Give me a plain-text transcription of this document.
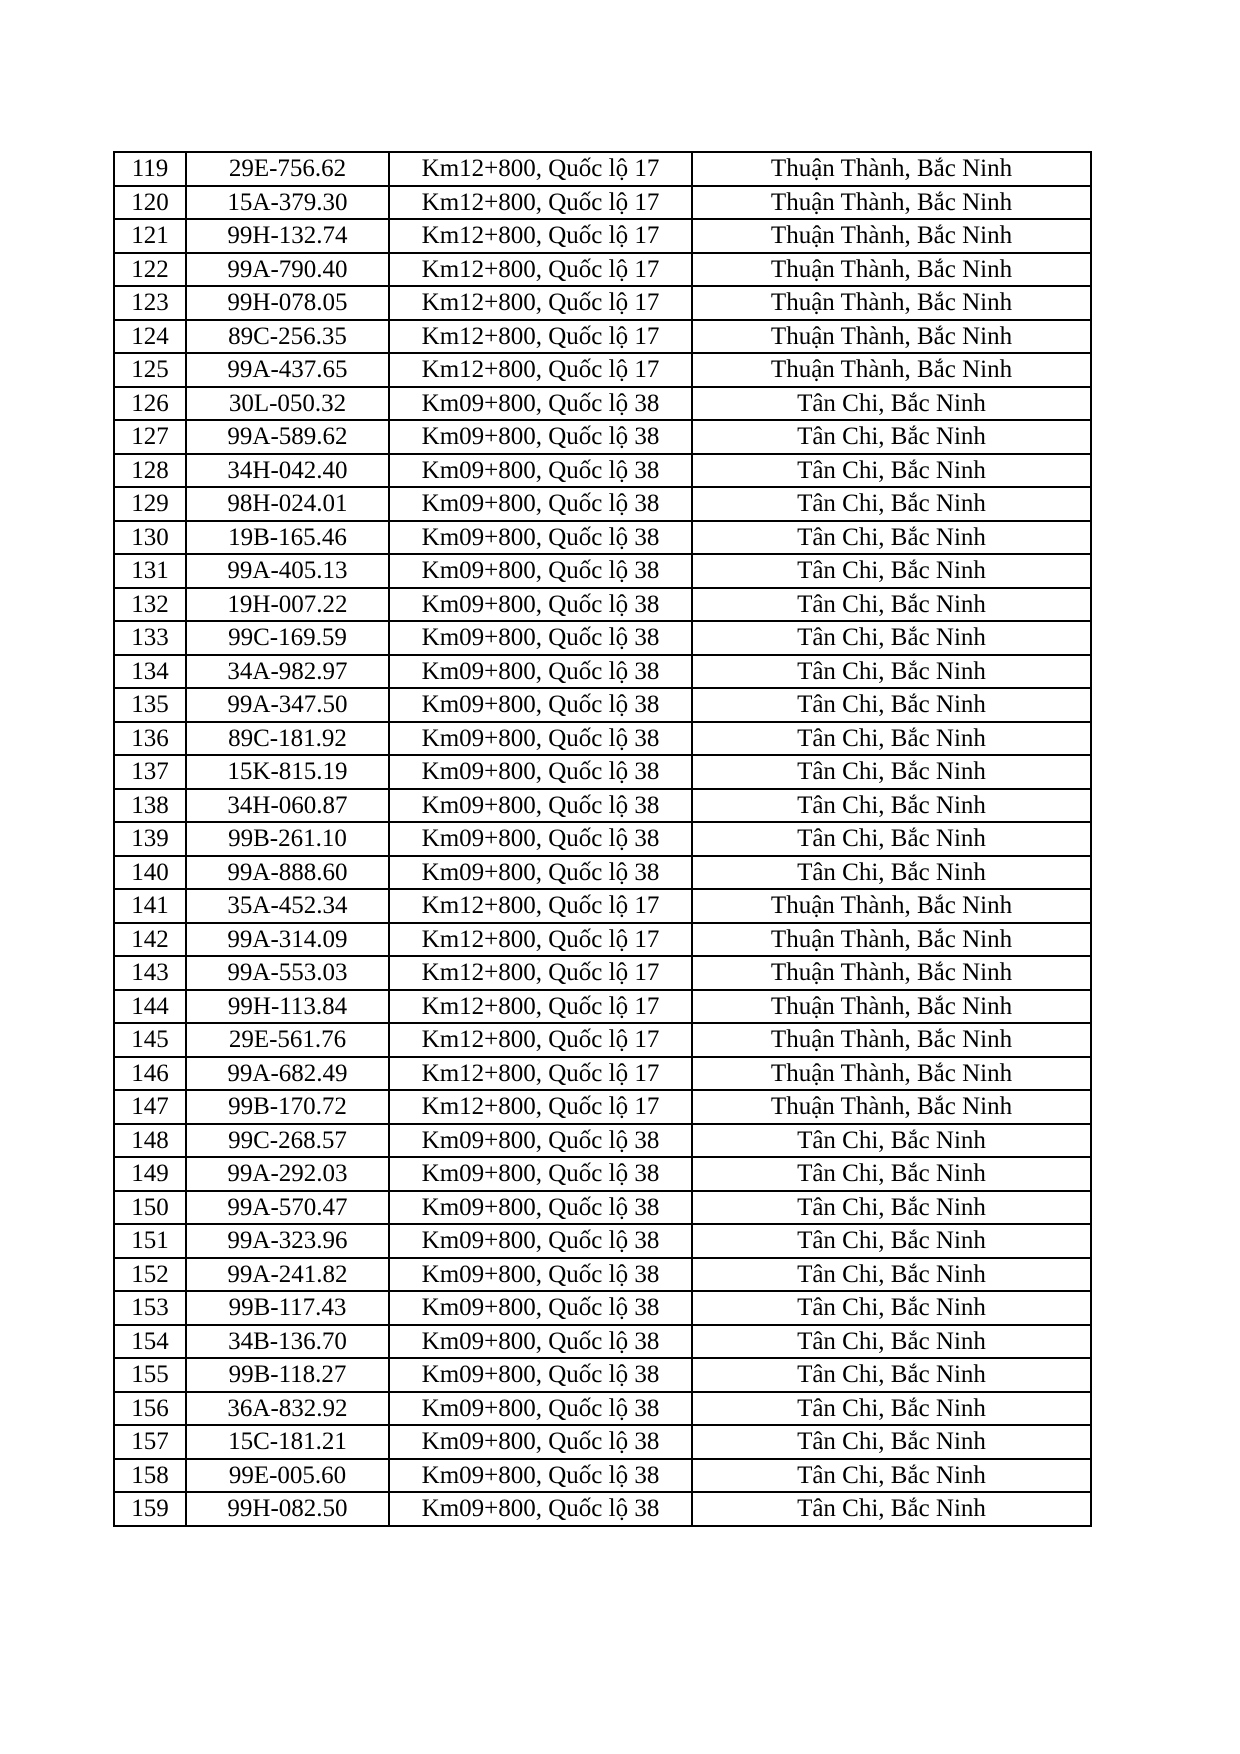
119	29E-756.62	Km12+800, Quốc lộ 17	Thuận Thành, Bắc Ninh
120	15A-379.30	Km12+800, Quốc lộ 17	Thuận Thành, Bắc Ninh
121	99H-132.74	Km12+800, Quốc lộ 17	Thuận Thành, Bắc Ninh
122	99A-790.40	Km12+800, Quốc lộ 17	Thuận Thành, Bắc Ninh
123	99H-078.05	Km12+800, Quốc lộ 17	Thuận Thành, Bắc Ninh
124	89C-256.35	Km12+800, Quốc lộ 17	Thuận Thành, Bắc Ninh
125	99A-437.65	Km12+800, Quốc lộ 17	Thuận Thành, Bắc Ninh
126	30L-050.32	Km09+800, Quốc lộ 38	Tân Chi, Bắc Ninh
127	99A-589.62	Km09+800, Quốc lộ 38	Tân Chi, Bắc Ninh
128	34H-042.40	Km09+800, Quốc lộ 38	Tân Chi, Bắc Ninh
129	98H-024.01	Km09+800, Quốc lộ 38	Tân Chi, Bắc Ninh
130	19B-165.46	Km09+800, Quốc lộ 38	Tân Chi, Bắc Ninh
131	99A-405.13	Km09+800, Quốc lộ 38	Tân Chi, Bắc Ninh
132	19H-007.22	Km09+800, Quốc lộ 38	Tân Chi, Bắc Ninh
133	99C-169.59	Km09+800, Quốc lộ 38	Tân Chi, Bắc Ninh
134	34A-982.97	Km09+800, Quốc lộ 38	Tân Chi, Bắc Ninh
135	99A-347.50	Km09+800, Quốc lộ 38	Tân Chi, Bắc Ninh
136	89C-181.92	Km09+800, Quốc lộ 38	Tân Chi, Bắc Ninh
137	15K-815.19	Km09+800, Quốc lộ 38	Tân Chi, Bắc Ninh
138	34H-060.87	Km09+800, Quốc lộ 38	Tân Chi, Bắc Ninh
139	99B-261.10	Km09+800, Quốc lộ 38	Tân Chi, Bắc Ninh
140	99A-888.60	Km09+800, Quốc lộ 38	Tân Chi, Bắc Ninh
141	35A-452.34	Km12+800, Quốc lộ 17	Thuận Thành, Bắc Ninh
142	99A-314.09	Km12+800, Quốc lộ 17	Thuận Thành, Bắc Ninh
143	99A-553.03	Km12+800, Quốc lộ 17	Thuận Thành, Bắc Ninh
144	99H-113.84	Km12+800, Quốc lộ 17	Thuận Thành, Bắc Ninh
145	29E-561.76	Km12+800, Quốc lộ 17	Thuận Thành, Bắc Ninh
146	99A-682.49	Km12+800, Quốc lộ 17	Thuận Thành, Bắc Ninh
147	99B-170.72	Km12+800, Quốc lộ 17	Thuận Thành, Bắc Ninh
148	99C-268.57	Km09+800, Quốc lộ 38	Tân Chi, Bắc Ninh
149	99A-292.03	Km09+800, Quốc lộ 38	Tân Chi, Bắc Ninh
150	99A-570.47	Km09+800, Quốc lộ 38	Tân Chi, Bắc Ninh
151	99A-323.96	Km09+800, Quốc lộ 38	Tân Chi, Bắc Ninh
152	99A-241.82	Km09+800, Quốc lộ 38	Tân Chi, Bắc Ninh
153	99B-117.43	Km09+800, Quốc lộ 38	Tân Chi, Bắc Ninh
154	34B-136.70	Km09+800, Quốc lộ 38	Tân Chi, Bắc Ninh
155	99B-118.27	Km09+800, Quốc lộ 38	Tân Chi, Bắc Ninh
156	36A-832.92	Km09+800, Quốc lộ 38	Tân Chi, Bắc Ninh
157	15C-181.21	Km09+800, Quốc lộ 38	Tân Chi, Bắc Ninh
158	99E-005.60	Km09+800, Quốc lộ 38	Tân Chi, Bắc Ninh
159	99H-082.50	Km09+800, Quốc lộ 38	Tân Chi, Bắc Ninh
